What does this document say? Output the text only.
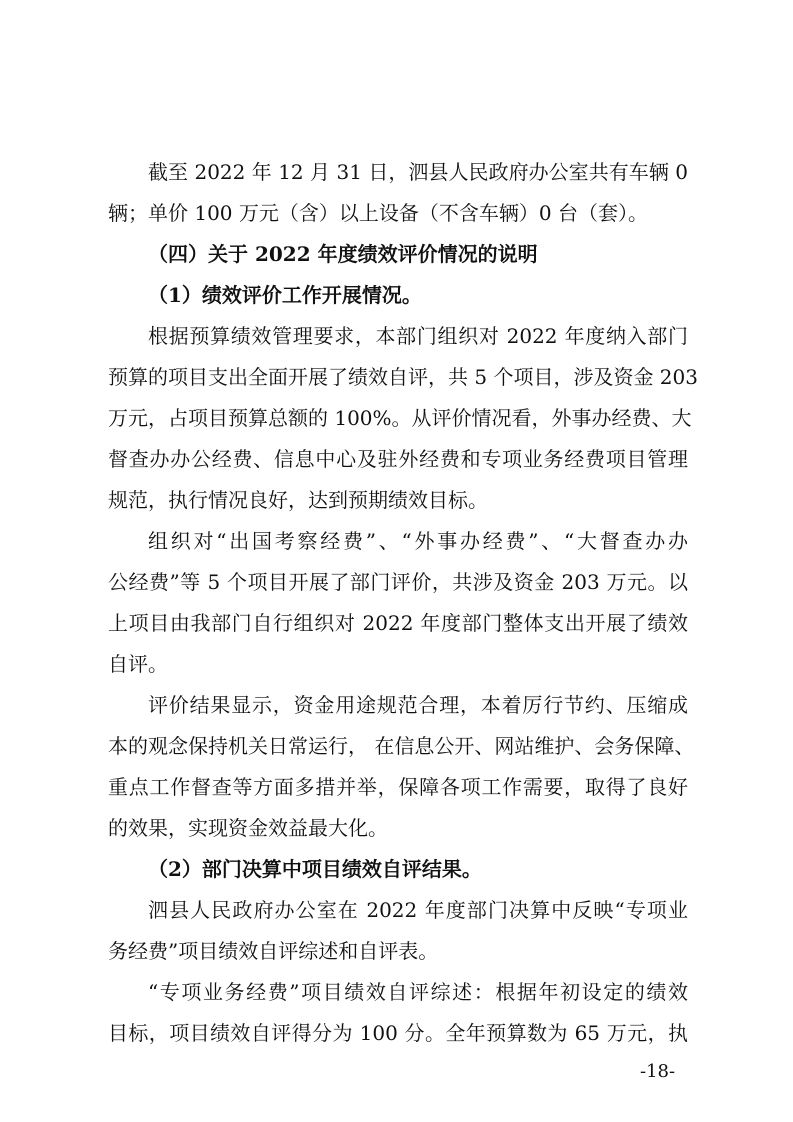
截至 2022 年 12 月 31 日，泗县人民政府办公室共有车辆 0
辆；单价 100 万元（含）以上设备（不含车辆）0 台（套）。
（四）关于 2022 年度绩效评价情况的说明
（1）绩效评价工作开展情况。
根据预算绩效管理要求，本部门组织对 2022 年度纳入部门
预算的项目支出全面开展了绩效自评，共 5 个项目，涉及资金 203
万元，占项目预算总额的 100%。从评价情况看，外事办经费、大
督查办办公经费、信息中心及驻外经费和专项业务经费项目管理
规范，执行情况良好，达到预期绩效目标。
组织对“出国考察经费”、“外事办经费”、“大督查办办
公经费”等 5 个项目开展了部门评价，共涉及资金 203 万元。以
上项目由我部门自行组织对 2022 年度部门整体支出开展了绩效
自评。
评价结果显示，资金用途规范合理，本着厉行节约、压缩成
本的观念保持机关日常运行， 在信息公开、网站维护、会务保障、
重点工作督查等方面多措并举，保障各项工作需要，取得了良好
的效果，实现资金效益最大化。
（2）部门决算中项目绩效自评结果。
泗县人民政府办公室在 2022 年度部门决算中反映“专项业
务经费”项目绩效自评综述和自评表。
“专项业务经费”项目绩效自评综述：根据年初设定的绩效
目标，项目绩效自评得分为 100 分。全年预算数为 65 万元，执
-18-
